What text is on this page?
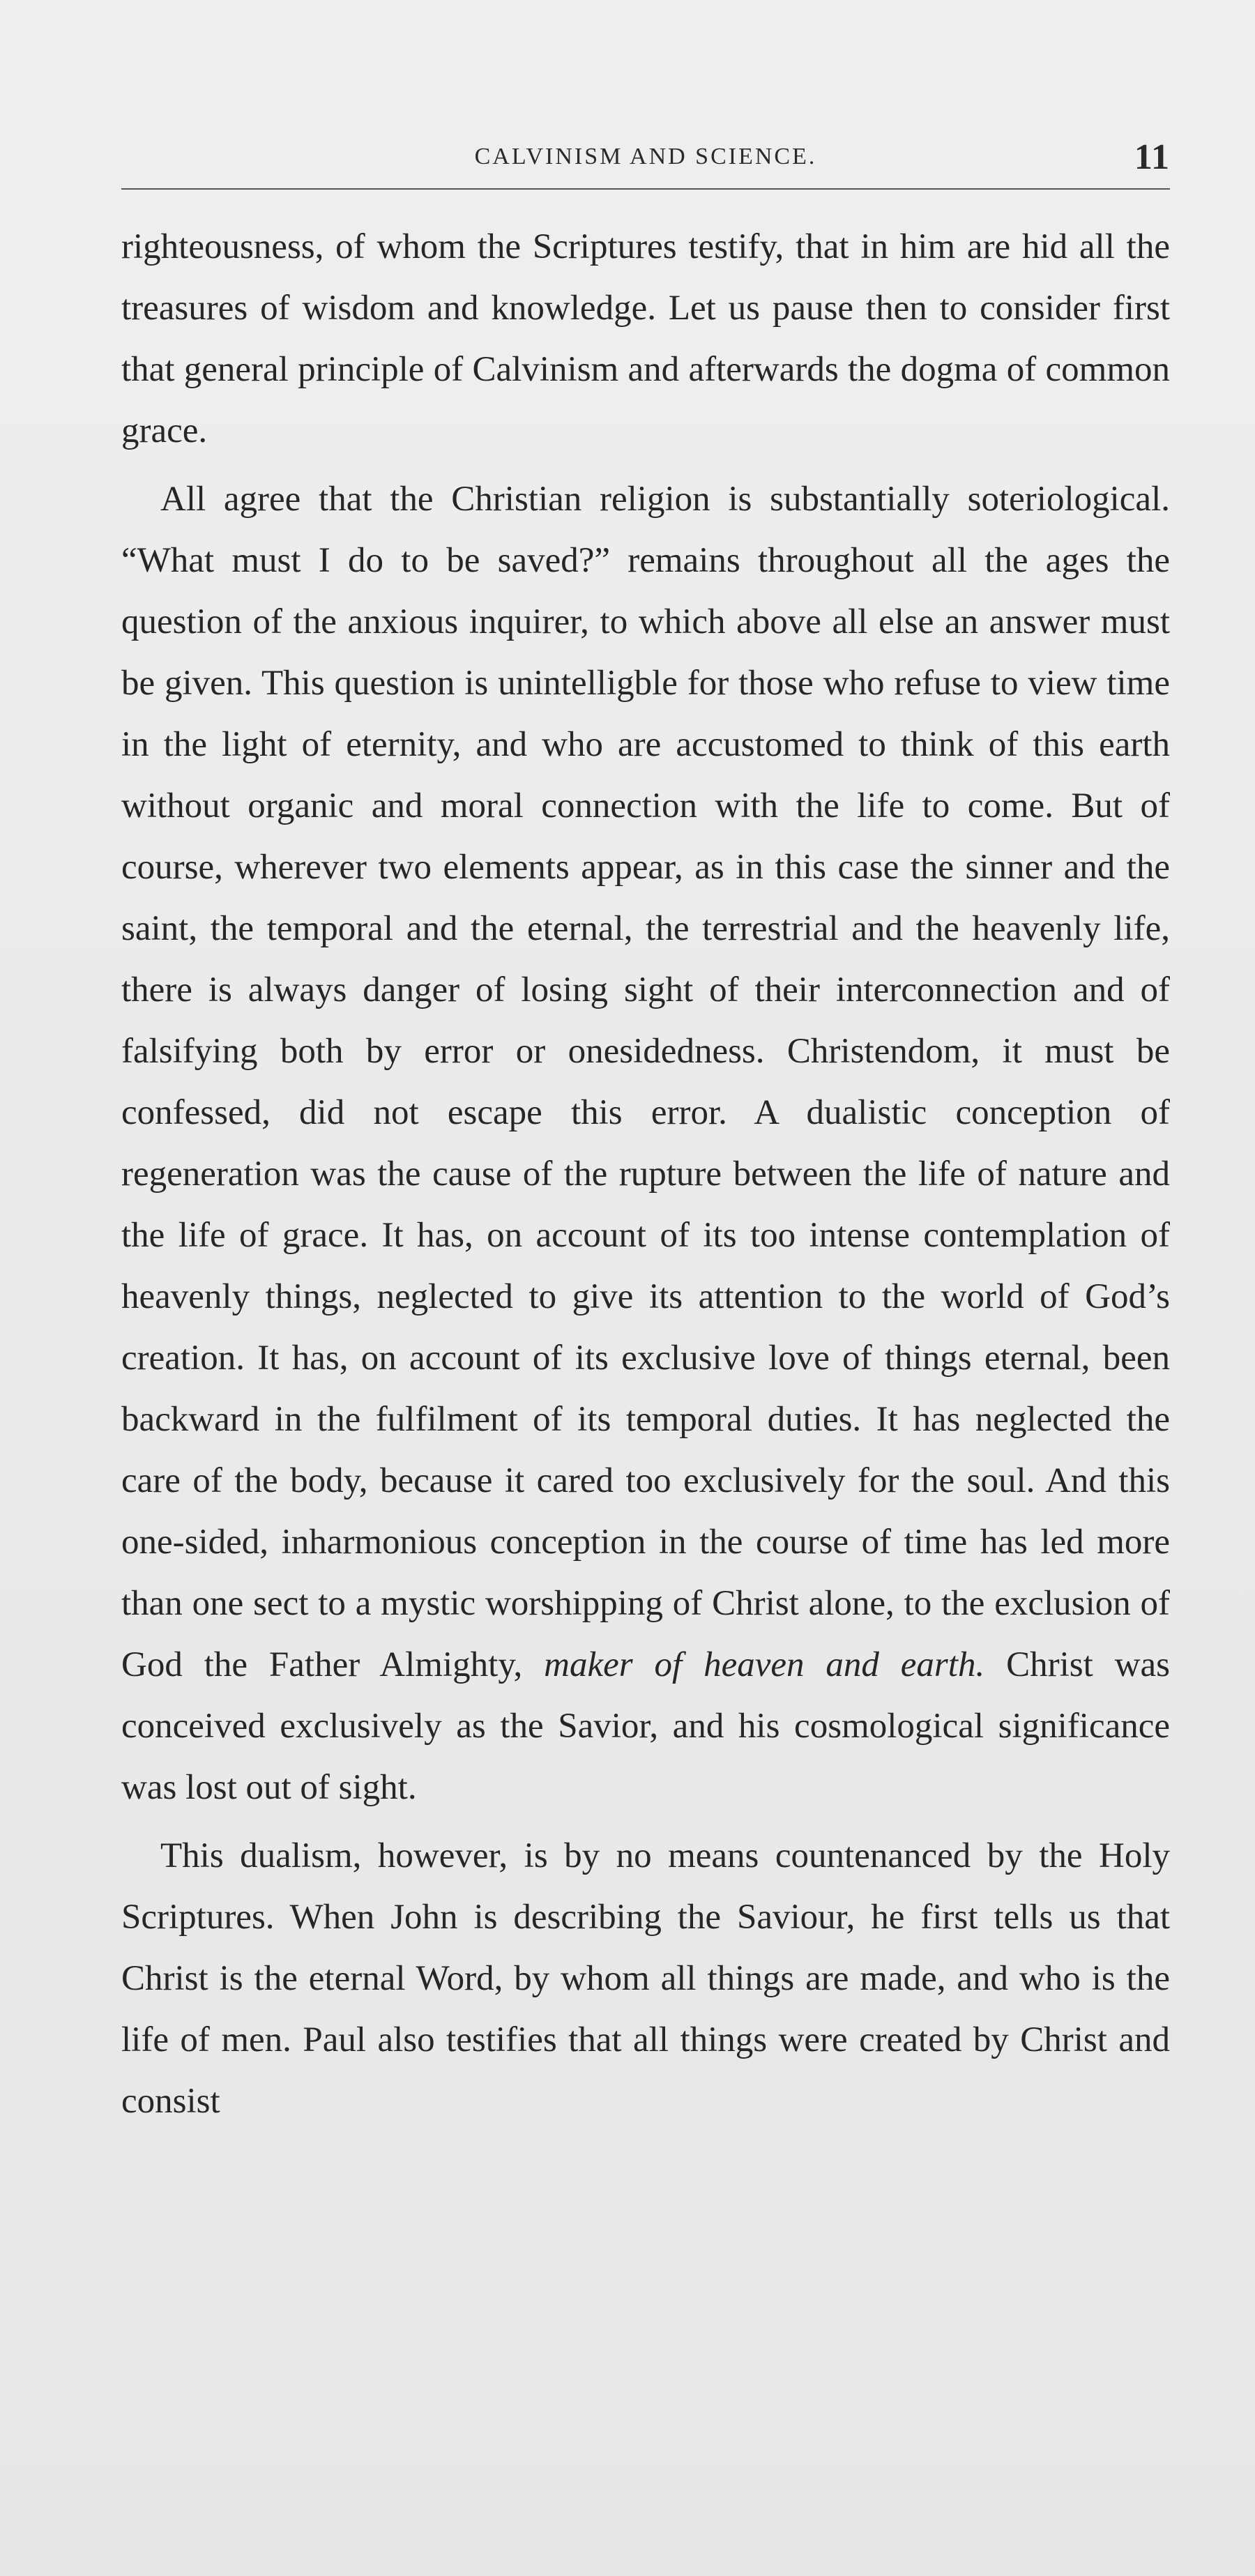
CALVINISM AND SCIENCE.	11

righteousness, of whom the Scriptures testify, that in him are hid all the treasures of wisdom and knowledge. Let us pause then to consider first that general principle of Calvinism and afterwards the dogma of common grace.

All agree that the Christian religion is substantially soteriological. “What must I do to be saved?” remains throughout all the ages the question of the anxious inquirer, to which above all else an answer must be given. This question is unintelligble for those who refuse to view time in the light of eternity, and who are accustomed to think of this earth without organic and moral connection with the life to come. But of course, wherever two elements appear, as in this case the sinner and the saint, the temporal and the eternal, the terrestrial and the heavenly life, there is always danger of losing sight of their interconnection and of falsifying both by error or onesidedness. Christendom, it must be confessed, did not escape this error. A dualistic conception of regeneration was the cause of the rupture between the life of nature and the life of grace. It has, on account of its too intense contemplation of heavenly things, neglected to give its attention to the world of God’s creation. It has, on account of its exclusive love of things eternal, been backward in the fulfilment of its temporal duties. It has neglected the care of the body, because it cared too exclusively for the soul. And this one-sided, inharmonious conception in the course of time has led more than one sect to a mystic worshipping of Christ alone, to the exclusion of God the Father Almighty, maker of heaven and earth. Christ was conceived exclusively as the Savior, and his cosmological significance was lost out of sight.

This dualism, however, is by no means countenanced by the Holy Scriptures. When John is describing the Saviour, he first tells us that Christ is the eternal Word, by whom all things are made, and who is the life of men. Paul also testifies that all things were created by Christ and consist
